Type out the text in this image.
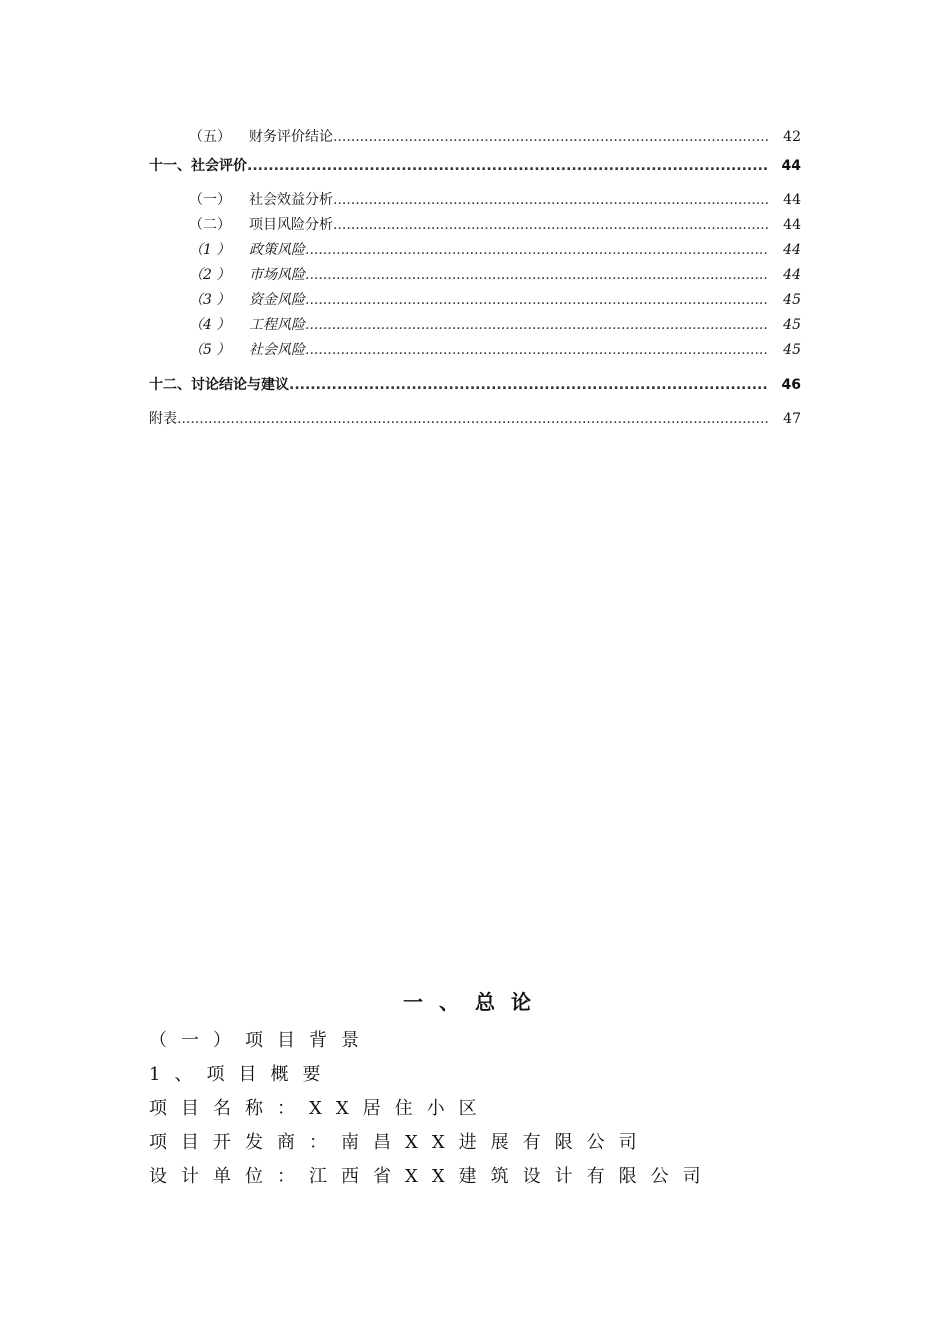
（五）	财务评价结论 .....	42
十一、社会评价 .....	44
（一）	社会效益分析 .....	44
（二）	项目风险分析 .....	44
（1 ）	政策风险 .....	44
（2 ）	市场风险 .....	44
（3 ）	资金风险 .....	45
（4 ）	工程风险 .....	45
（5 ）	社会风险 .....	45
十二、讨论结论与建议 .....	46
附表 .....	47
一、总论
（一）项目背景
1、项目概要
项目名称：XX居住小区
项目开发商：南昌XX进展有限公司
设计单位：江西省XX建筑设计有限公司
